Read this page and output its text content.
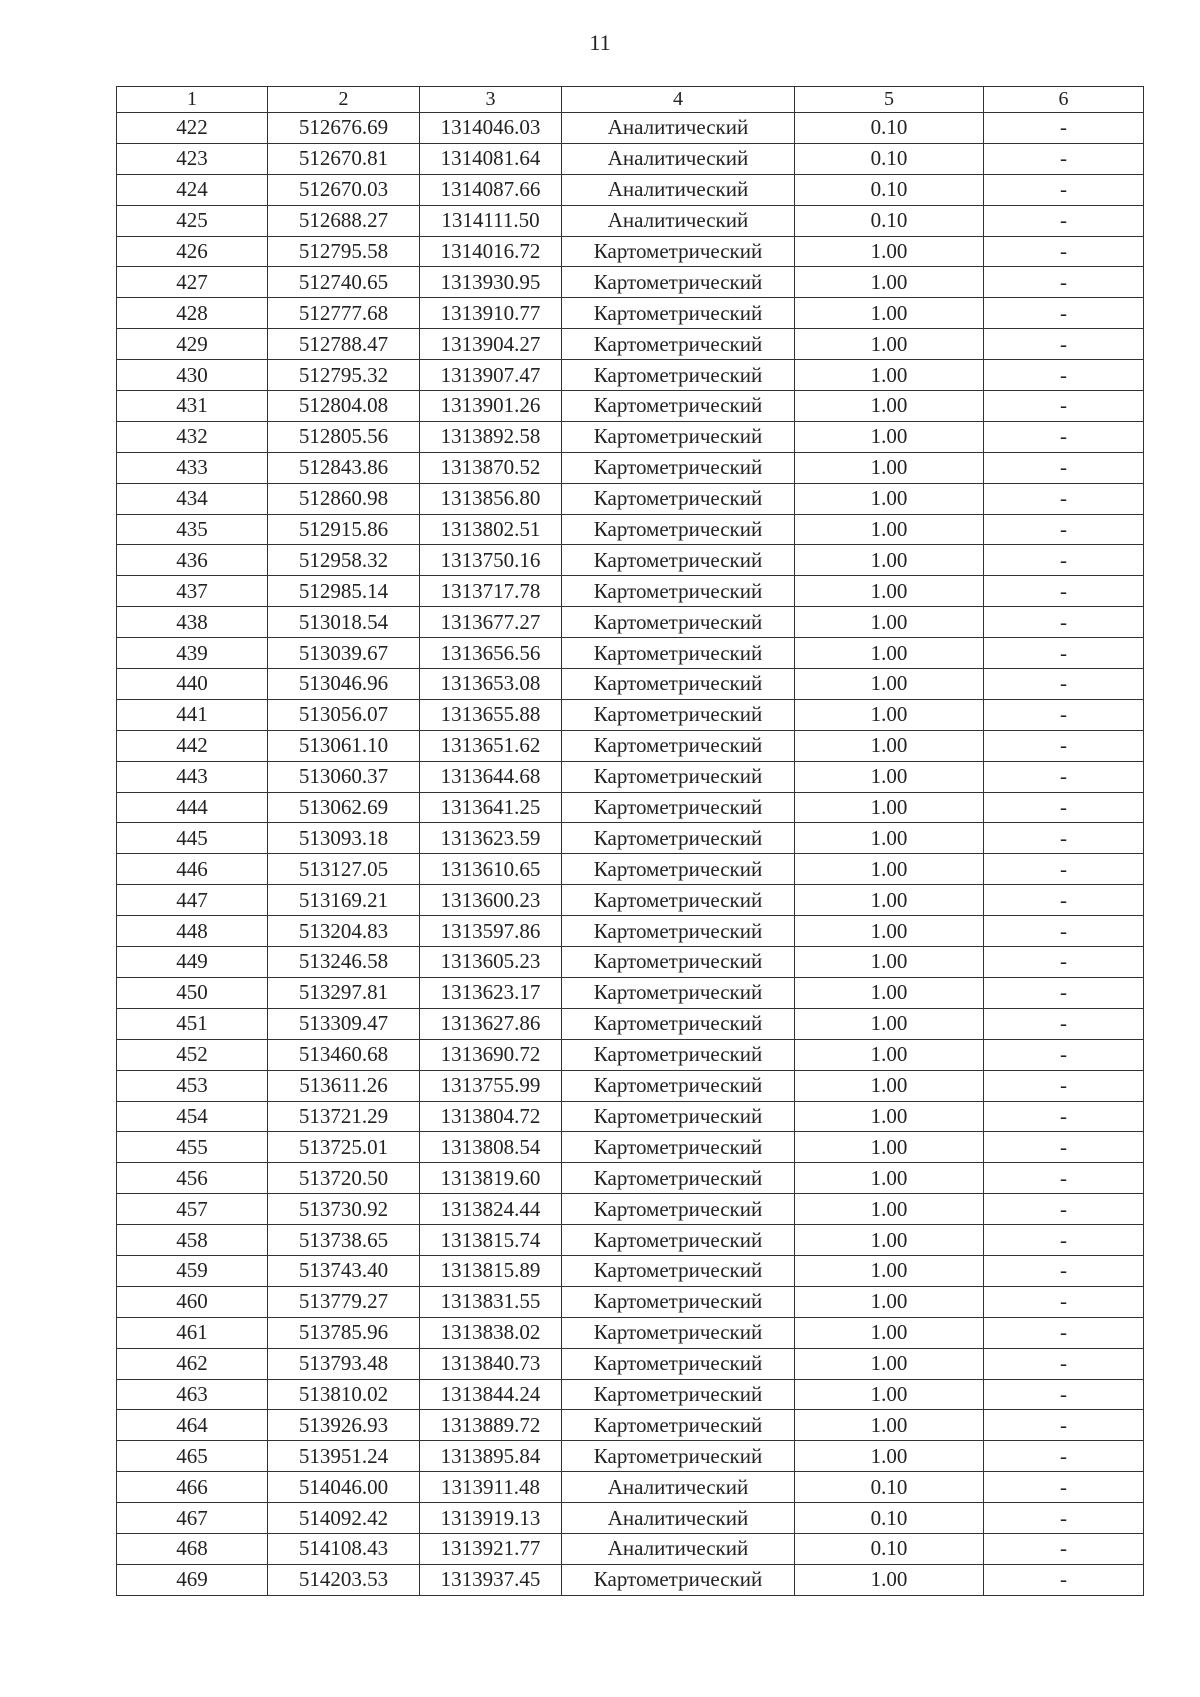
11
1	2	3	4	5	6
422	512676.69	1314046.03	Аналитический	0.10	-
423	512670.81	1314081.64	Аналитический	0.10	-
424	512670.03	1314087.66	Аналитический	0.10	-
425	512688.27	1314111.50	Аналитический	0.10	-
426	512795.58	1314016.72	Картометрический	1.00	-
427	512740.65	1313930.95	Картометрический	1.00	-
428	512777.68	1313910.77	Картометрический	1.00	-
429	512788.47	1313904.27	Картометрический	1.00	-
430	512795.32	1313907.47	Картометрический	1.00	-
431	512804.08	1313901.26	Картометрический	1.00	-
432	512805.56	1313892.58	Картометрический	1.00	-
433	512843.86	1313870.52	Картометрический	1.00	-
434	512860.98	1313856.80	Картометрический	1.00	-
435	512915.86	1313802.51	Картометрический	1.00	-
436	512958.32	1313750.16	Картометрический	1.00	-
437	512985.14	1313717.78	Картометрический	1.00	-
438	513018.54	1313677.27	Картометрический	1.00	-
439	513039.67	1313656.56	Картометрический	1.00	-
440	513046.96	1313653.08	Картометрический	1.00	-
441	513056.07	1313655.88	Картометрический	1.00	-
442	513061.10	1313651.62	Картометрический	1.00	-
443	513060.37	1313644.68	Картометрический	1.00	-
444	513062.69	1313641.25	Картометрический	1.00	-
445	513093.18	1313623.59	Картометрический	1.00	-
446	513127.05	1313610.65	Картометрический	1.00	-
447	513169.21	1313600.23	Картометрический	1.00	-
448	513204.83	1313597.86	Картометрический	1.00	-
449	513246.58	1313605.23	Картометрический	1.00	-
450	513297.81	1313623.17	Картометрический	1.00	-
451	513309.47	1313627.86	Картометрический	1.00	-
452	513460.68	1313690.72	Картометрический	1.00	-
453	513611.26	1313755.99	Картометрический	1.00	-
454	513721.29	1313804.72	Картометрический	1.00	-
455	513725.01	1313808.54	Картометрический	1.00	-
456	513720.50	1313819.60	Картометрический	1.00	-
457	513730.92	1313824.44	Картометрический	1.00	-
458	513738.65	1313815.74	Картометрический	1.00	-
459	513743.40	1313815.89	Картометрический	1.00	-
460	513779.27	1313831.55	Картометрический	1.00	-
461	513785.96	1313838.02	Картометрический	1.00	-
462	513793.48	1313840.73	Картометрический	1.00	-
463	513810.02	1313844.24	Картометрический	1.00	-
464	513926.93	1313889.72	Картометрический	1.00	-
465	513951.24	1313895.84	Картометрический	1.00	-
466	514046.00	1313911.48	Аналитический	0.10	-
467	514092.42	1313919.13	Аналитический	0.10	-
468	514108.43	1313921.77	Аналитический	0.10	-
469	514203.53	1313937.45	Картометрический	1.00	-
